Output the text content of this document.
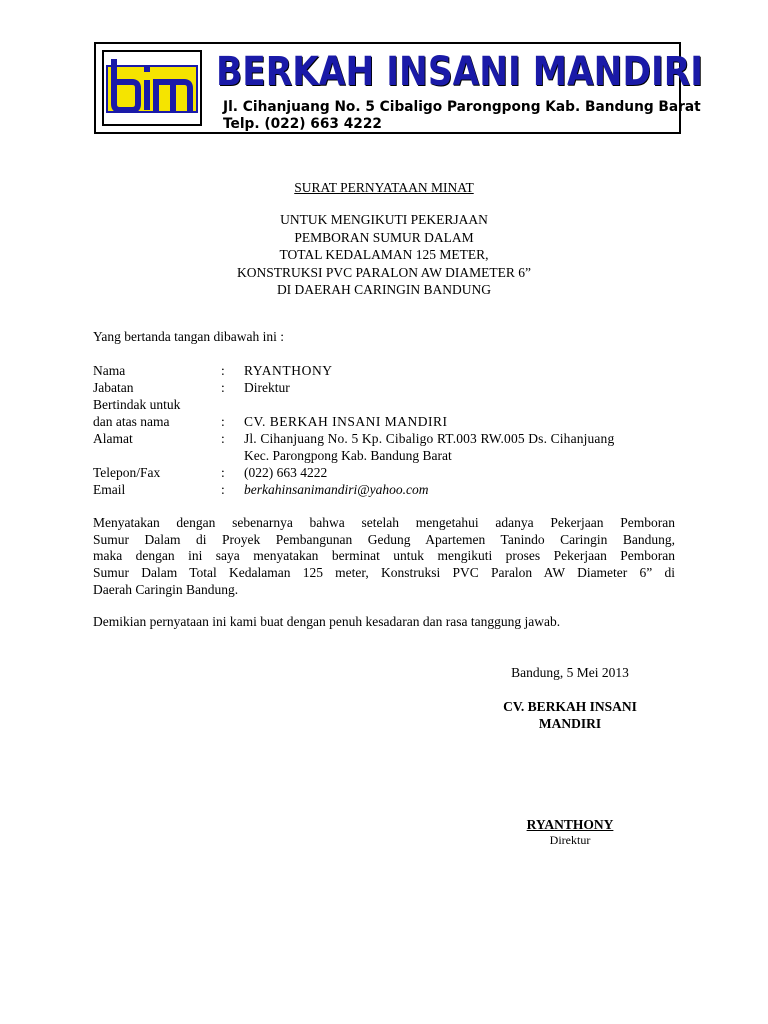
BERKAH INSANI MANDIRI
Jl. Cihanjuang No. 5 Cibaligo Parongpong Kab. Bandung Barat
Telp. (022) 663 4222
SURAT PERNYATAAN MINAT
UNTUK MENGIKUTI PEKERJAAN
PEMBORAN SUMUR DALAM
TOTAL KEDALAMAN 125 METER,
KONSTRUKSI PVC PARALON AW DIAMETER 6”
DI DAERAH CARINGIN BANDUNG
Yang bertanda tangan dibawah ini :
Nama	: RYANTHONY
Jabatan	: Direktur
Bertindak untuk
dan atas nama	: CV. BERKAH INSANI MANDIRI
Alamat	: Jl. Cihanjuang No. 5 Kp. Cibaligo RT.003 RW.005 Ds. Cihanjuang
Kec. Parongpong Kab. Bandung Barat
Telepon/Fax	: (022) 663 4222
Email	: berkahinsanimandiri@yahoo.com
Menyatakan dengan sebenarnya bahwa setelah mengetahui adanya Pekerjaan Pemboran
Sumur Dalam di Proyek Pembangunan Gedung Apartemen Tanindo Caringin Bandung,
maka dengan ini saya menyatakan berminat untuk mengikuti proses Pekerjaan Pemboran
Sumur Dalam Total Kedalaman 125 meter, Konstruksi PVC Paralon AW Diameter 6” di
Daerah Caringin Bandung.
Demikian pernyataan ini kami buat dengan penuh kesadaran dan rasa tanggung jawab.
Bandung, 5 Mei 2013
CV. BERKAH INSANI
MANDIRI
RYANTHONY
Direktur
